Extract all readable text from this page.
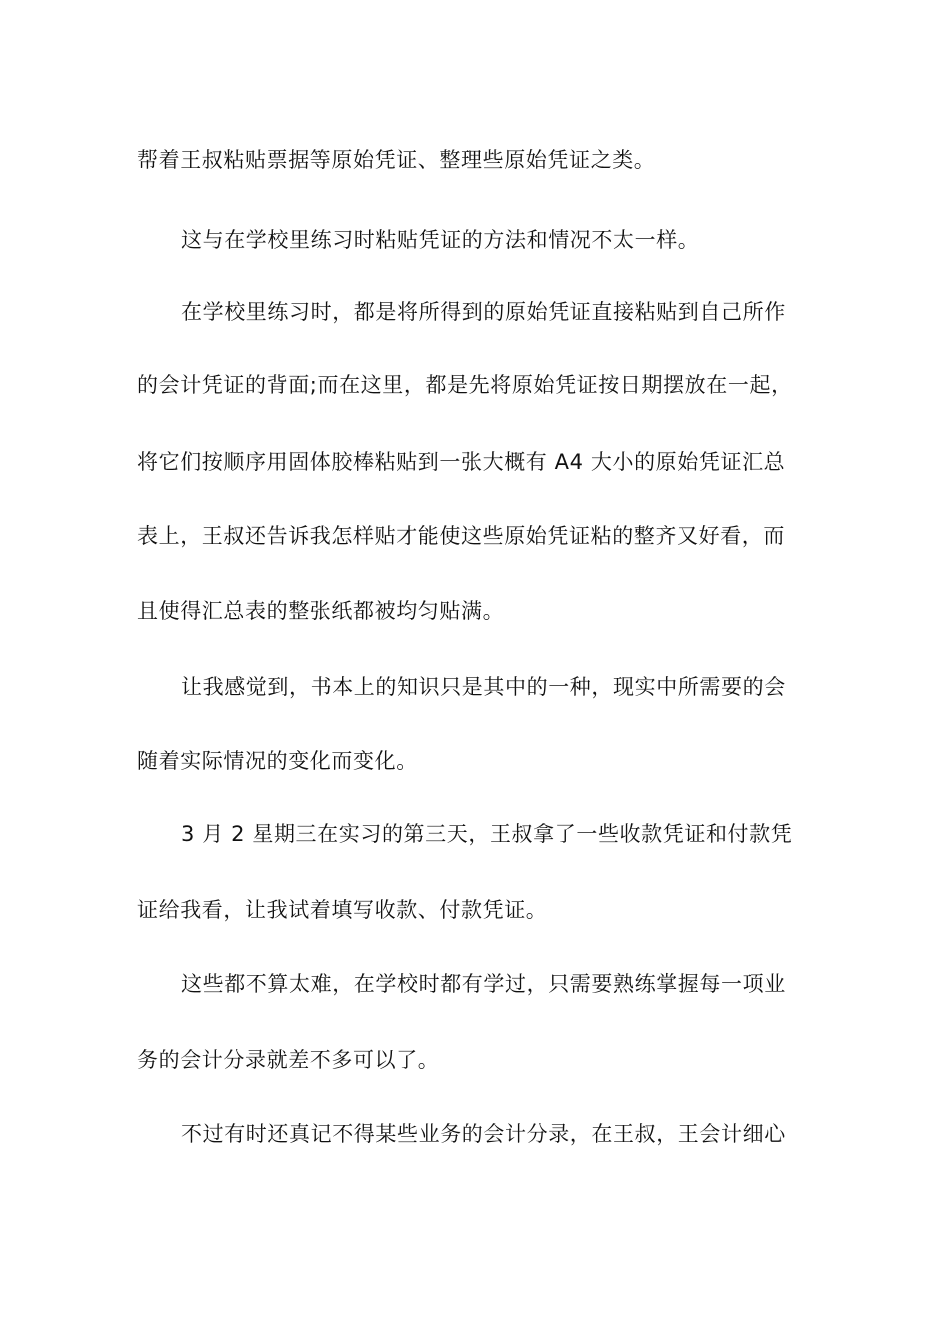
帮着王叔粘贴票据等原始凭证、整理些原始凭证之类。
这与在学校里练习时粘贴凭证的方法和情况不太一样。
在学校里练习时，都是将所得到的原始凭证直接粘贴到自己所作
的会计凭证的背面;而在这里，都是先将原始凭证按日期摆放在一起，
将它们按顺序用固体胶棒粘贴到一张大概有 A4 大小的原始凭证汇总
表上，王叔还告诉我怎样贴才能使这些原始凭证粘的整齐又好看，而
且使得汇总表的整张纸都被均匀贴满。
让我感觉到，书本上的知识只是其中的一种，现实中所需要的会
随着实际情况的变化而变化。
3 月 2 星期三在实习的第三天，王叔拿了一些收款凭证和付款凭
证给我看，让我试着填写收款、付款凭证。
这些都不算太难，在学校时都有学过，只需要熟练掌握每一项业
务的会计分录就差不多可以了。
不过有时还真记不得某些业务的会计分录，在王叔，王会计细心
